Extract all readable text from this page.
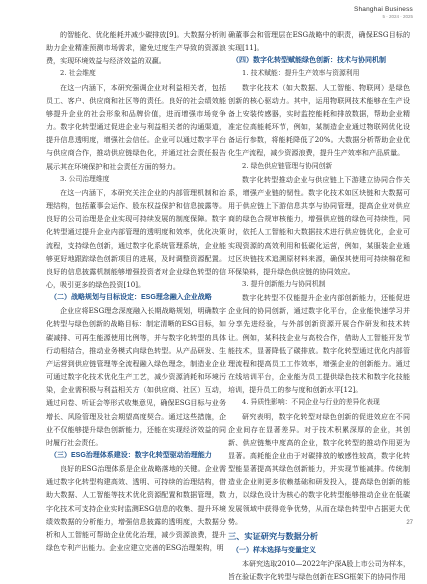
Shanghai Business
5 · 2024 · 2025

的智能化、优化能耗并减少碳排放[9]。大数据分析则助力企业精准预测市场需求，避免过度生产导致的资源浪费，实现环境效益与经济效益的双赢。

2. 社会维度

在这一内涵下，本研究强调企业对利益相关者，包括员工、客户、供应商和社区等的责任。良好的社会绩效能够提升企业的社会形象和品牌价值，进而增强市场竞争力。数字化转型通过促进企业与利益相关者的沟通渠道，提升信息透明度，增强社会信任。企业可以通过数字平台与供应商合作，推动供应链绿色化，并通过社会责任报告展示其在环境保护和社会责任方面的努力。

3. 公司治理维度

在这一内涵下，本研究关注企业的内部管理机制和治理结构，包括董事会运作、股东权益保护和信息披露等。良好的公司治理是企业实现可持续发展的制度保障。数字化转型通过提升企业内部管理的透明度和效率，优化决策流程，支持绿色创新，通过数字化系统管理系统，企业能够更好地跟踪绿色创新项目的进展，及时调整资源配置。良好的信息披露机制能够增强投资者对企业绿色转型的信心，吸引更多的绿色投资[10]。

（二）战略规划与目标设定：ESG理念融入企业战略

企业应将ESG理念深度融入长期战略规划，明确数字化转型与绿色创新的战略目标：制定清晰的ESG目标，如碳减排、可再生能源使用比例等，并与数字化转型的具体行动相结合，推动业务模式向绿色转型。从产品研发、生产运营到供应链管理等全流程融入绿色理念，制造业企业可通过数字化技术优化生产工艺，减少资源消耗和环境污染，企业需积极与利益相关方（如供应商、社区）互动，通过问卷、听证会等形式收集意见，确保ESG目标与业务增长、风险管理及社会期望高度契合。通过这些措施，企业不仅能够提升绿色创新能力，还能在实现经济效益的同时履行社会责任。

（三）ESG治理体系建设：数字化转型驱动治理能力

良好的ESG治理体系是企业战略落地的关键。企业需通过数字化转型构建高效、透明、可持续的治理结构，借助大数据、人工智能等技术优化资源配置和数据管理，数字化技术可支持企业实时监测ESG信息的收集、提升环境绩效数据的分析能力，增强信息披露的透明度，大数据分析和人工智能可帮助企业优化治理，减少资源浪费，提升绿色专利产出能力。企业应建立完善的ESG治理架构，明

确董事会和管理层在ESG战略中的职责，确保ESG目标的实现[11]。

（四）数字化转型赋能绿色创新：技术与协同机制

1. 技术赋能：提升生产效率与资源利用

数字化技术（如大数据、人工智能、物联网）是绿色创新的核心驱动力。其中，运用物联网技术能够在生产设备上安装传感器，实时监控能耗和排放数据，帮助企业精准定位高能耗环节，例如，某制造企业通过物联网优化设备运行参数，将能耗降低了20%。大数据分析帮助企业优化生产流程，减少资源浪费，提升生产效率和产品质量。

2. 绿色供应链管理与协同创新

数字化转型推动企业与供应链上下游建立协同合作关系，增强产业链的韧性。数字化技术如区块链和大数据可用于供应链上下游信息共享与协同管理，提高企业对供应商的绿色合规审核能力，增强供应链的绿色可持续性，同时，依托人工智能和大数据技术进行供应链优化，企业可实现资源的高效利用和低碳化运营，例如，某服装企业通过区块链技术追溯原材料来源，确保其使用可持续棉花和环保染料，提升绿色供应链的协同效应。

3. 提升创新能力与协同机制

数字化转型不仅能提升企业内部创新能力，还能促进企业间的协同创新，通过数字化平台，企业能快速学习并分享先进经验，与外部创新资源开展合作研发和技术转让。例如，某科技企业与高校合作，借助人工智能开发节能技术，显著降低了碳排放。数字化转型通过优化内部管理流程和提高员工工作效率，增强企业的创新能力。通过在线培训平台，企业能为员工提供绿色技术和数字化技能培训，提升员工的参与度和创新水平[12]。

4. 异质性影响：不同企业与行业的差异化表现

研究表明，数字化转型对绿色创新的促进效应在不同企业间存在显著差异。对于技术积累深厚的企业，其创新、供应链集中度高的企业，数字化转型的推动作用更为显著。高耗能企业由于对碳排放的敏感性较高，数字化转型能显著提高其绿色创新能力，并实现节能减排。传统制造业企业则更多依赖基础和研发投入，提高绿色创新的能力，以绿色设计为核心的数字化转型能够推动企业在低碳发展领域中获得竞争优势，从而在绿色转型中占据更大优势。

三、实证研究与数据分析

（一）样本选择与变量定义

本研究选取2010—2022年沪深A股上市公司为样本，旨在验证数字化转型与绿色创新在ESG框架下的协同作用

27
